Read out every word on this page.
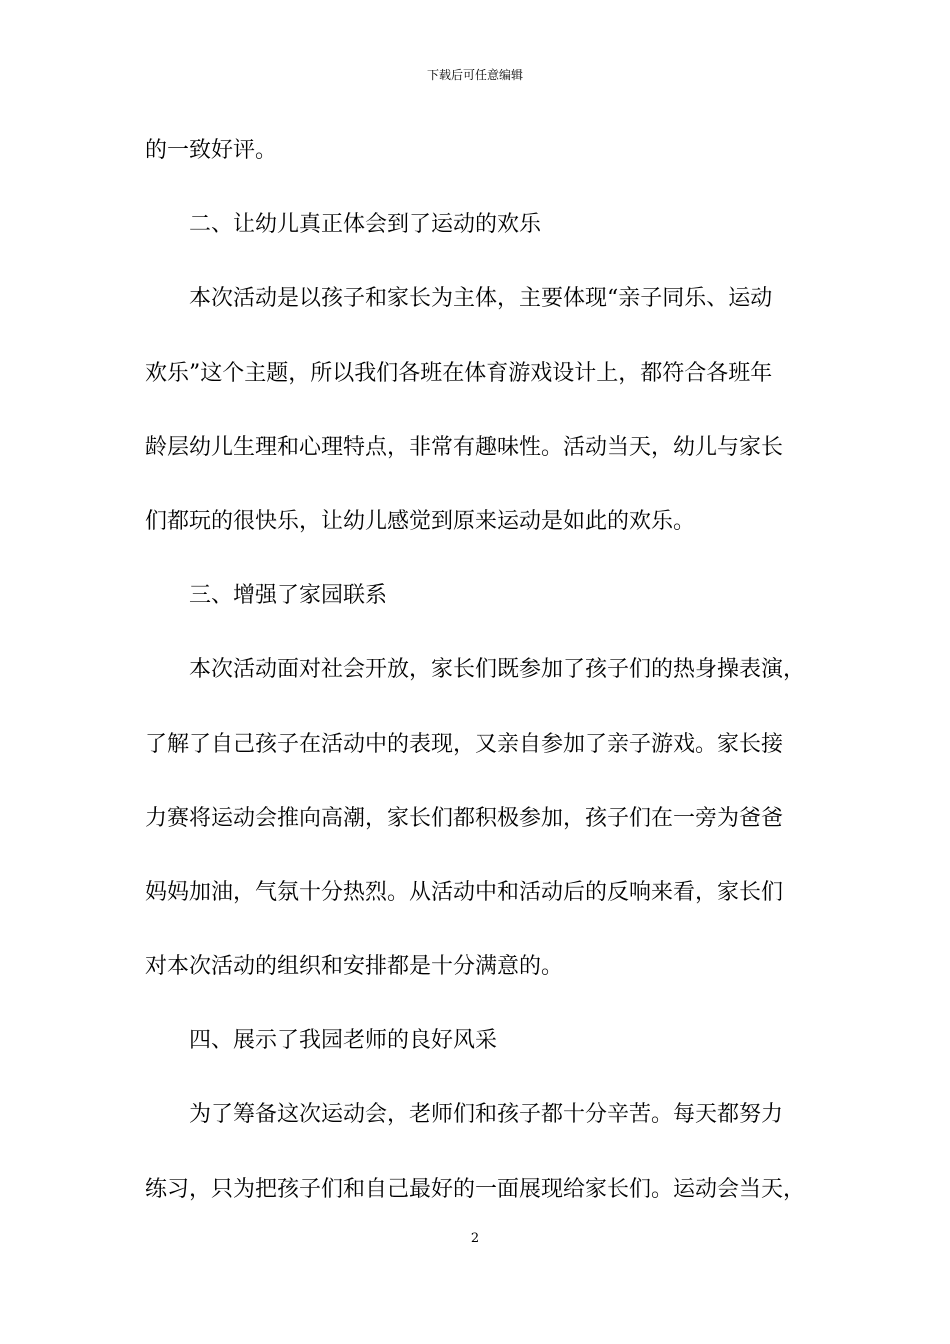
下载后可任意编辑

的一致好评。

二、让幼儿真正体会到了运动的欢乐

本次活动是以孩子和家长为主体，主要体现“亲子同乐、运动

欢乐”这个主题，所以我们各班在体育游戏设计上，都符合各班年

龄层幼儿生理和心理特点，非常有趣味性。活动当天，幼儿与家长

们都玩的很快乐，让幼儿感觉到原来运动是如此的欢乐。

三、增强了家园联系

本次活动面对社会开放，家长们既参加了孩子们的热身操表演，

了解了自己孩子在活动中的表现，又亲自参加了亲子游戏。家长接

力赛将运动会推向高潮，家长们都积极参加，孩子们在一旁为爸爸

妈妈加油，气氛十分热烈。从活动中和活动后的反响来看，家长们

对本次活动的组织和安排都是十分满意的。

四、展示了我园老师的良好风采

为了筹备这次运动会，老师们和孩子都十分辛苦。每天都努力

练习，只为把孩子们和自己最好的一面展现给家长们。运动会当天，

2
